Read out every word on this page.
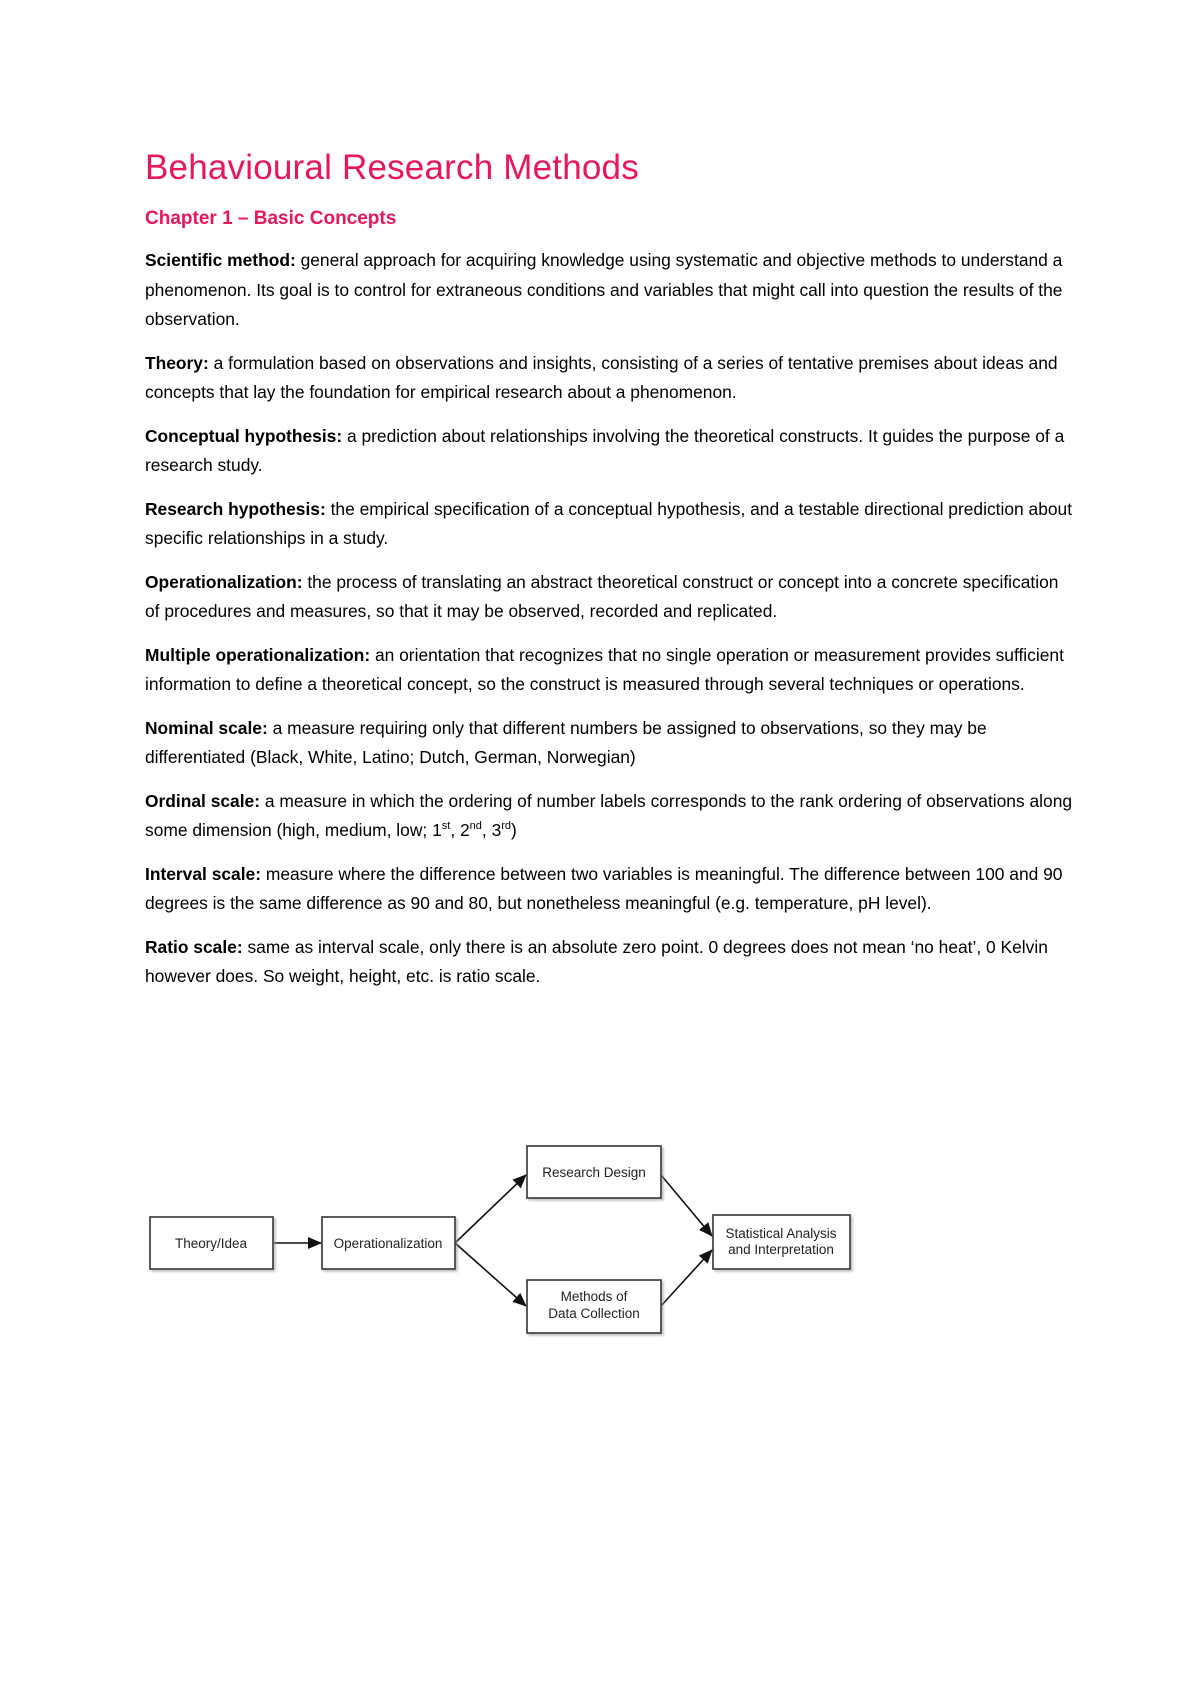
Behavioural Research Methods
Chapter 1 – Basic Concepts

Scientific method: general approach for acquiring knowledge using systematic and objective methods to understand a phenomenon. Its goal is to control for extraneous conditions and variables that might call into question the results of the observation.

Theory: a formulation based on observations and insights, consisting of a series of tentative premises about ideas and concepts that lay the foundation for empirical research about a phenomenon.

Conceptual hypothesis: a prediction about relationships involving the theoretical constructs. It guides the purpose of a research study.

Research hypothesis: the empirical specification of a conceptual hypothesis, and a testable directional prediction about specific relationships in a study.

Operationalization: the process of translating an abstract theoretical construct or concept into a concrete specification of procedures and measures, so that it may be observed, recorded and replicated.

Multiple operationalization: an orientation that recognizes that no single operation or measurement provides sufficient information to define a theoretical concept, so the construct is measured through several techniques or operations.

Nominal scale: a measure requiring only that different numbers be assigned to observations, so they may be differentiated (Black, White, Latino; Dutch, German, Norwegian)

Ordinal scale: a measure in which the ordering of number labels corresponds to the rank ordering of observations along some dimension (high, medium, low; 1st, 2nd, 3rd)

Interval scale: measure where the difference between two variables is meaningful. The difference between 100 and 90 degrees is the same difference as 90 and 80, but nonetheless meaningful (e.g. temperature, pH level).

Ratio scale: same as interval scale, only there is an absolute zero point. 0 degrees does not mean ‘no heat’, 0 Kelvin however does. So weight, height, etc. is ratio scale.

Theory/Idea	Operationalization
Research Design
Methods of
Data Collection
Statistical Analysis
and Interpretation
